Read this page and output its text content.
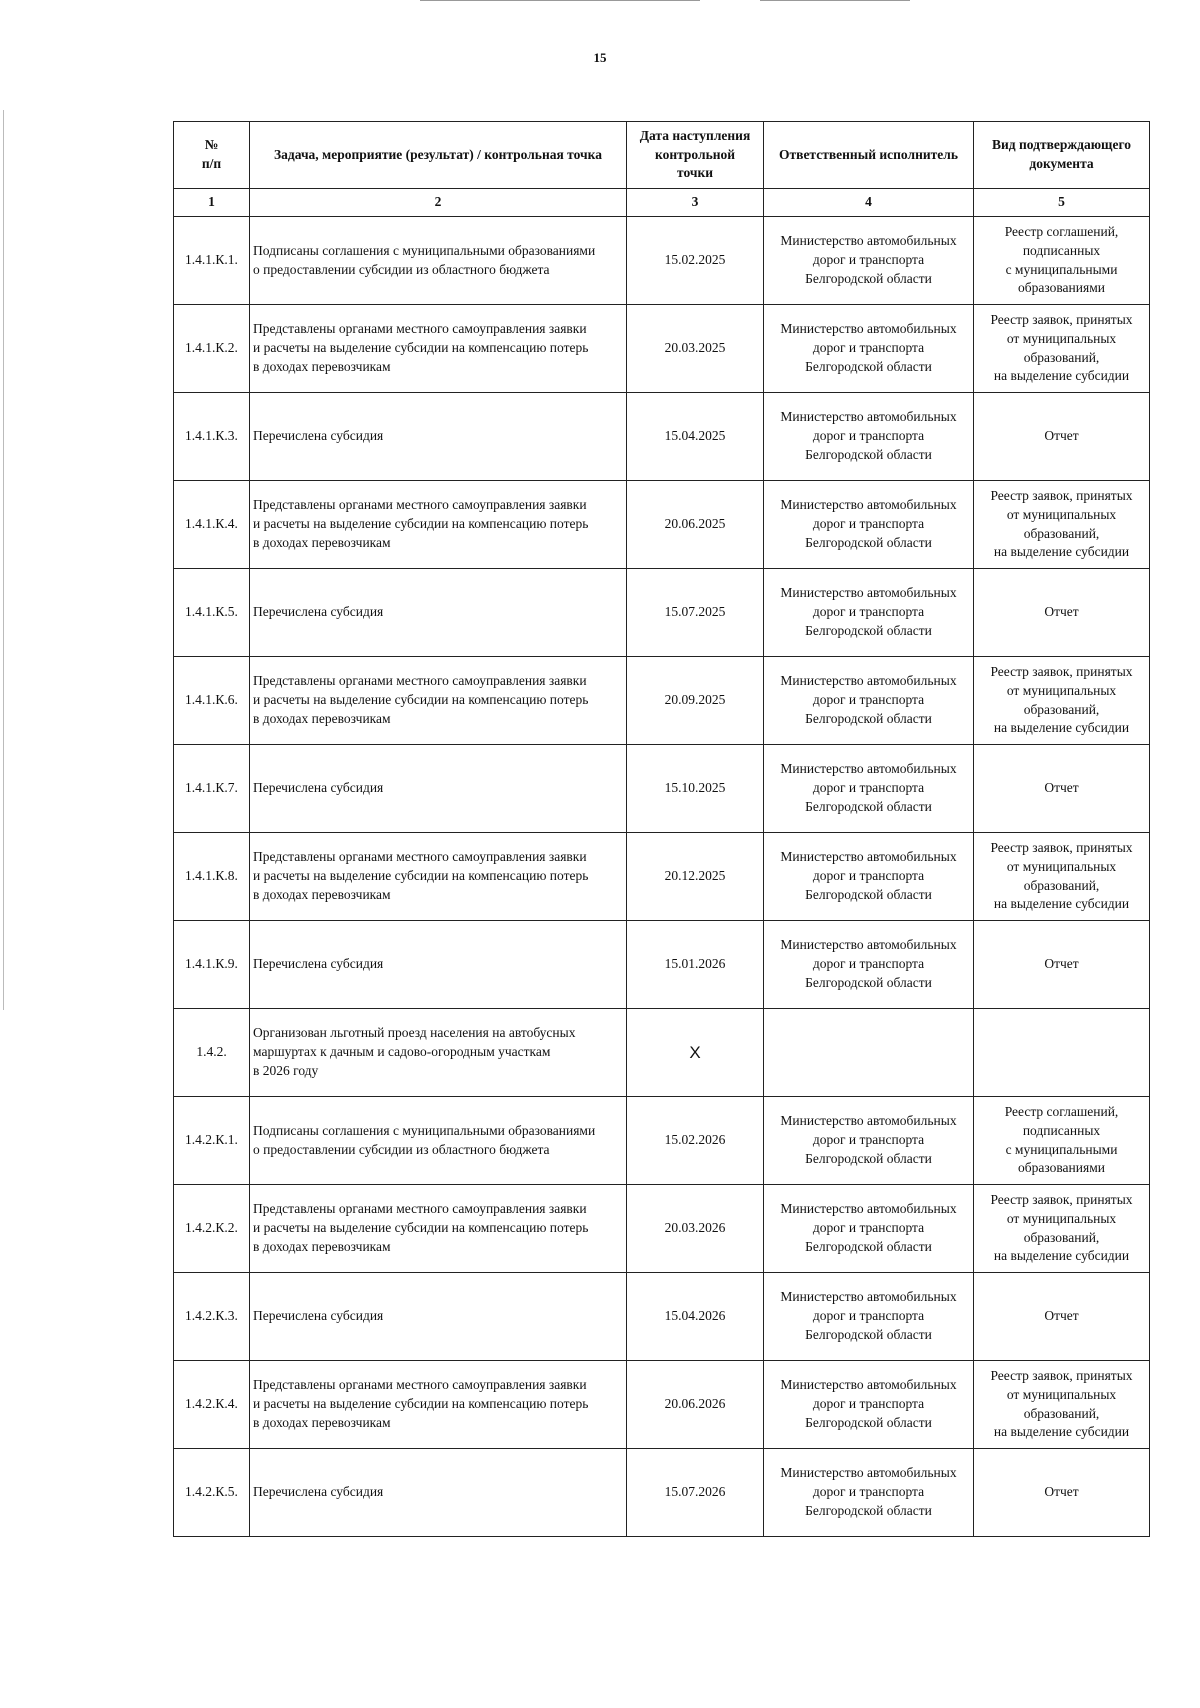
15
№
п/п	Задача, мероприятие (результат) / контрольная точка	Дата наступления
контрольной
точки	Ответственный исполнитель	Вид подтверждающего
документа
1	2	3	4	5
1.4.1.К.1.	Подписаны соглашения с муниципальными образованиями
о предоставлении субсидии из областного бюджета	15.02.2025	Министерство автомобильных
дорог и транспорта
Белгородской области	Реестр соглашений,
подписанных
с муниципальными
образованиями
1.4.1.К.2.	Представлены органами местного самоуправления заявки
и расчеты на выделение субсидии на компенсацию потерь
в доходах перевозчикам	20.03.2025	Министерство автомобильных
дорог и транспорта
Белгородской области	Реестр заявок, принятых
от муниципальных
образований,
на выделение субсидии
1.4.1.К.3.	Перечислена субсидия	15.04.2025	Министерство автомобильных
дорог и транспорта
Белгородской области	Отчет
1.4.1.К.4.	Представлены органами местного самоуправления заявки
и расчеты на выделение субсидии на компенсацию потерь
в доходах перевозчикам	20.06.2025	Министерство автомобильных
дорог и транспорта
Белгородской области	Реестр заявок, принятых
от муниципальных
образований,
на выделение субсидии
1.4.1.К.5.	Перечислена субсидия	15.07.2025	Министерство автомобильных
дорог и транспорта
Белгородской области	Отчет
1.4.1.К.6.	Представлены органами местного самоуправления заявки
и расчеты на выделение субсидии на компенсацию потерь
в доходах перевозчикам	20.09.2025	Министерство автомобильных
дорог и транспорта
Белгородской области	Реестр заявок, принятых
от муниципальных
образований,
на выделение субсидии
1.4.1.К.7.	Перечислена субсидия	15.10.2025	Министерство автомобильных
дорог и транспорта
Белгородской области	Отчет
1.4.1.К.8.	Представлены органами местного самоуправления заявки
и расчеты на выделение субсидии на компенсацию потерь
в доходах перевозчикам	20.12.2025	Министерство автомобильных
дорог и транспорта
Белгородской области	Реестр заявок, принятых
от муниципальных
образований,
на выделение субсидии
1.4.1.К.9.	Перечислена субсидия	15.01.2026	Министерство автомобильных
дорог и транспорта
Белгородской области	Отчет
1.4.2.	Организован льготный проезд населения на автобусных
маршуртах к дачным и садово-огородным участкам
в 2026 году	Х		
1.4.2.К.1.	Подписаны соглашения с муниципальными образованиями
о предоставлении субсидии из областного бюджета	15.02.2026	Министерство автомобильных
дорог и транспорта
Белгородской области	Реестр соглашений,
подписанных
с муниципальными
образованиями
1.4.2.К.2.	Представлены органами местного самоуправления заявки
и расчеты на выделение субсидии на компенсацию потерь
в доходах перевозчикам	20.03.2026	Министерство автомобильных
дорог и транспорта
Белгородской области	Реестр заявок, принятых
от муниципальных
образований,
на выделение субсидии
1.4.2.К.3.	Перечислена субсидия	15.04.2026	Министерство автомобильных
дорог и транспорта
Белгородской области	Отчет
1.4.2.К.4.	Представлены органами местного самоуправления заявки
и расчеты на выделение субсидии на компенсацию потерь
в доходах перевозчикам	20.06.2026	Министерство автомобильных
дорог и транспорта
Белгородской области	Реестр заявок, принятых
от муниципальных
образований,
на выделение субсидии
1.4.2.К.5.	Перечислена субсидия	15.07.2026	Министерство автомобильных
дорог и транспорта
Белгородской области	Отчет
